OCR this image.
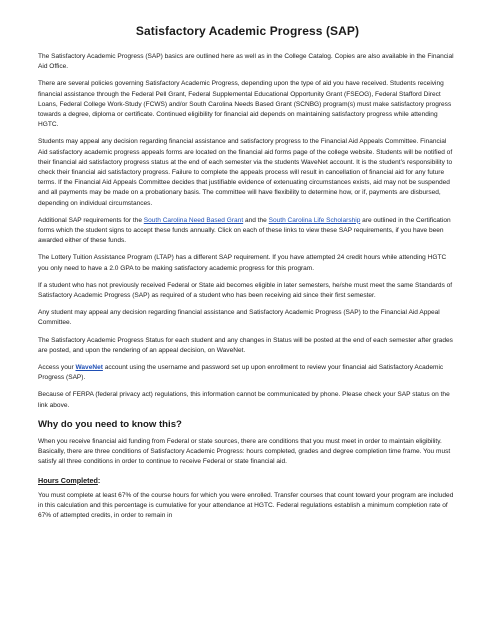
Satisfactory Academic Progress (SAP)

The Satisfactory Academic Progress (SAP) basics are outlined here as well as in the College Catalog. Copies are also available in the Financial Aid Office.

There are several policies governing Satisfactory Academic Progress, depending upon the type of aid you have received. Students receiving financial assistance through the Federal Pell Grant, Federal Supplemental Educational Opportunity Grant (FSEOG), Federal Stafford Direct Loans, Federal College Work-Study (FCWS) and/or South Carolina Needs Based Grant (SCNBG) program(s) must make satisfactory progress towards a degree, diploma or certificate. Continued eligibility for financial aid depends on maintaining satisfactory progress while attending HGTC.

Students may appeal any decision regarding financial assistance and satisfactory progress to the Financial Aid Appeals Committee. Financial Aid satisfactory academic progress appeals forms are located on the financial aid forms page of the college website. Students will be notified of their financial aid satisfactory progress status at the end of each semester via the students WaveNet account. It is the student’s responsibility to check their financial aid satisfactory progress. Failure to complete the appeals process will result in cancellation of financial aid for any future terms. If the Financial Aid Appeals Committee decides that justifiable evidence of extenuating circumstances exists, aid may not be suspended and all payments may be made on a probationary basis. The committee will have flexibility to determine how, or if, payments are disbursed, depending on individual circumstances.

Additional SAP requirements for the South Carolina Need Based Grant and the South Carolina Life Scholarship are outlined in the Certification forms which the student signs to accept these funds annually. Click on each of these links to view these SAP requirements, if you have been awarded either of these funds.

The Lottery Tuition Assistance Program (LTAP) has a different SAP requirement. If you have attempted 24 credit hours while attending HGTC you only need to have a 2.0 GPA to be making satisfactory academic progress for this program.

If a student who has not previously received Federal or State aid becomes eligible in later semesters, he/she must meet the same Standards of Satisfactory Academic Progress (SAP) as required of a student who has been receiving aid since their first semester.

Any student may appeal any decision regarding financial assistance and Satisfactory Academic Progress (SAP) to the Financial Aid Appeal Committee.

The Satisfactory Academic Progress Status for each student and any changes in Status will be posted at the end of each semester after grades are posted, and upon the rendering of an appeal decision, on WaveNet.

Access your WaveNet account using the username and password set up upon enrollment to review your financial aid Satisfactory Academic Progress (SAP).

Because of FERPA (federal privacy act) regulations, this information cannot be communicated by phone. Please check your SAP status on the link above.

Why do you need to know this?

When you receive financial aid funding from Federal or state sources, there are conditions that you must meet in order to maintain eligibility. Basically, there are three conditions of Satisfactory Academic Progress: hours completed, grades and degree completion time frame. You must satisfy all three conditions in order to continue to receive Federal or state financial aid.

Hours Completed:

You must complete at least 67% of the course hours for which you were enrolled. Transfer courses that count toward your program are included in this calculation and this percentage is cumulative for your attendance at HGTC. Federal regulations establish a minimum completion rate of 67% of attempted credits, in order to remain in
